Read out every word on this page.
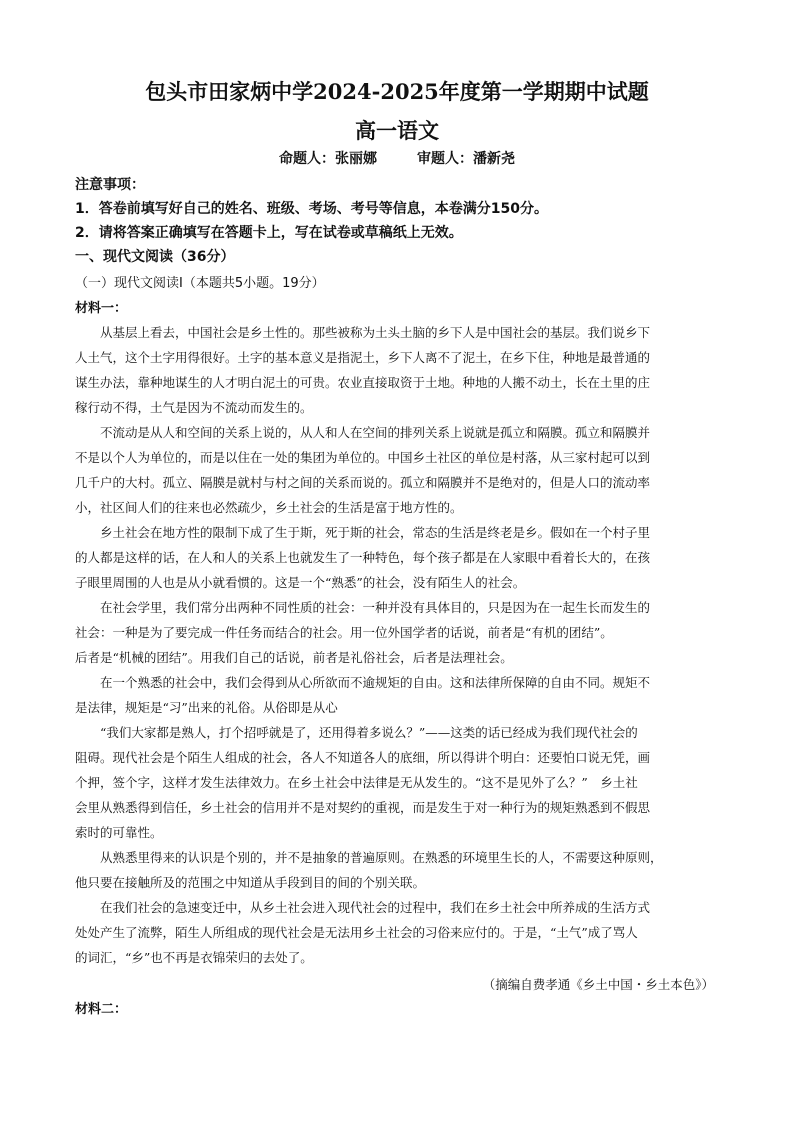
包头市田家炳中学2024-2025年度第一学期期中试题
高一语文
命题人：张丽娜	审题人：潘新尧
注意事项：
1．答卷前填写好自己的姓名、班级、考场、考号等信息，本卷满分150分。
2．请将答案正确填写在答题卡上，写在试卷或草稿纸上无效。
一、现代文阅读（36分）
（一）现代文阅读Ⅰ（本题共5小题。19分）
材料一：
从基层上看去，中国社会是乡土性的。那些被称为土头土脑的乡下人是中国社会的基层。我们说乡下
人土气，这个土字用得很好。土字的基本意义是指泥土，乡下人离不了泥土，在乡下住，种地是最普通的
谋生办法，靠种地谋生的人才明白泥土的可贵。农业直接取资于土地。种地的人搬不动土，长在土里的庄
稼行动不得，土气是因为不流动而发生的。
不流动是从人和空间的关系上说的，从人和人在空间的排列关系上说就是孤立和隔膜。孤立和隔膜并
不是以个人为单位的，而是以住在一处的集团为单位的。中国乡土社区的单位是村落，从三家村起可以到
几千户的大村。孤立、隔膜是就村与村之间的关系而说的。孤立和隔膜并不是绝对的，但是人口的流动率
小，社区间人们的往来也必然疏少，乡土社会的生活是富于地方性的。
乡土社会在地方性的限制下成了生于斯，死于斯的社会，常态的生活是终老是乡。假如在一个村子里
的人都是这样的话，在人和人的关系上也就发生了一种特色，每个孩子都是在人家眼中看着长大的，在孩
子眼里周围的人也是从小就看惯的。这是一个“熟悉”的社会，没有陌生人的社会。
在社会学里，我们常分出两种不同性质的社会：一种并没有具体目的，只是因为在一起生长而发生的
社会：一种是为了要完成一件任务而结合的社会。用一位外国学者的话说，前者是“有机的团结”。
后者是“机械的团结”。用我们自己的话说，前者是礼俗社会，后者是法理社会。
在一个熟悉的社会中，我们会得到从心所欲而不逾规矩的自由。这和法律所保障的自由不同。规矩不
是法律，规矩是“习”出来的礼俗。从俗即是从心
“我们大家都是熟人，打个招呼就是了，还用得着多说么？”——这类的话已经成为我们现代社会的
阻碍。现代社会是个陌生人组成的社会，各人不知道各人的底细，所以得讲个明白：还要怕口说无凭，画
个押，签个字，这样才发生法律效力。在乡土社会中法律是无从发生的。“这不是见外了么？”　乡土社
会里从熟悉得到信任，乡土社会的信用并不是对契约的重视，而是发生于对一种行为的规矩熟悉到不假思
索时的可靠性。
从熟悉里得来的认识是个别的，并不是抽象的普遍原则。在熟悉的环境里生长的人，不需要这种原则，
他只要在接触所及的范围之中知道从手段到目的间的个别关联。
在我们社会的急速变迁中，从乡土社会进入现代社会的过程中，我们在乡土社会中所养成的生活方式
处处产生了流弊，陌生人所组成的现代社会是无法用乡土社会的习俗来应付的。于是，“土气”成了骂人
的词汇，“乡”也不再是衣锦荣归的去处了。
（摘编自费孝通《乡土中国・乡土本色》）
材料二：
